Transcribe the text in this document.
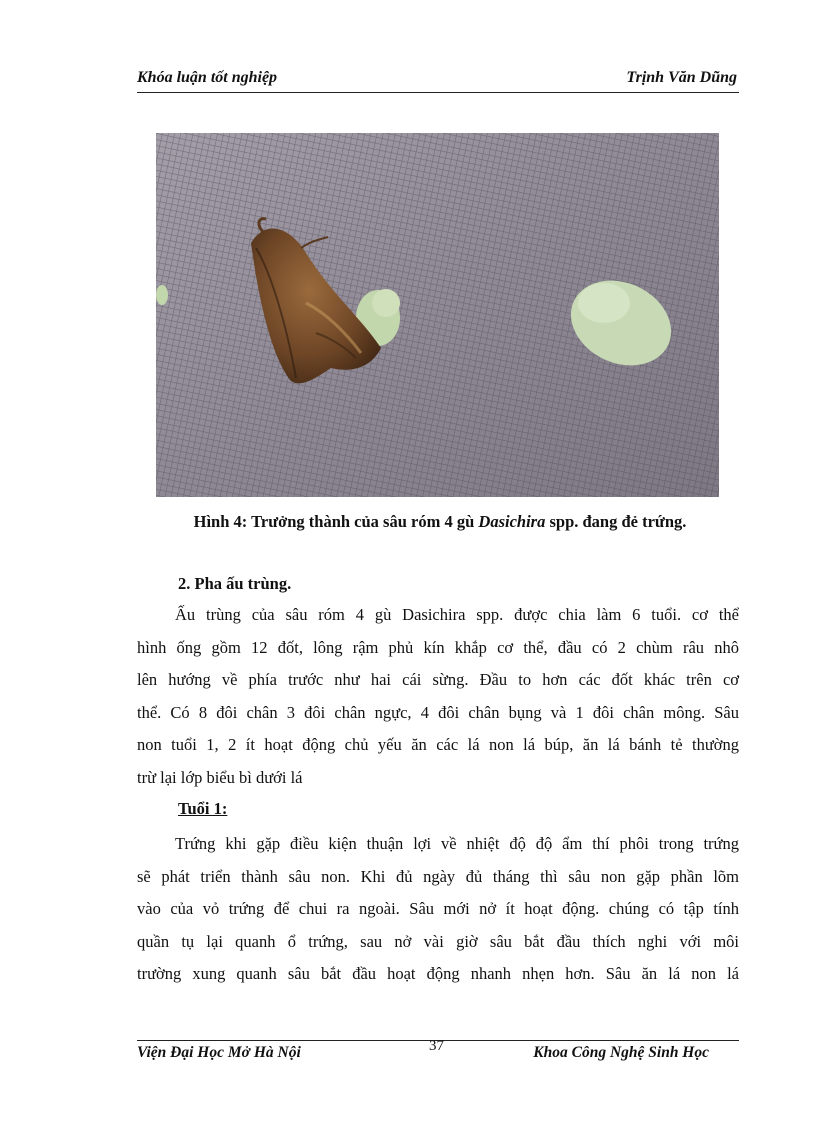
Khóa luận tốt nghiệp	Trịnh Văn Dũng
Hình 4: Trưởng thành của sâu róm 4 gù Dasichira spp. đang đẻ trứng.
2. Pha ấu trùng.
Ấu trùng của sâu róm 4 gù Dasichira spp. được chia làm 6 tuổi. cơ thể
hình ống gồm 12 đốt, lông rậm phủ kín khắp cơ thể, đầu có 2 chùm râu nhô
lên hướng về phía trước như hai cái sừng. Đầu to hơn các đốt khác trên cơ
thể. Có 8 đôi chân 3 đôi chân ngực, 4 đôi chân bụng và 1 đôi chân mông. Sâu
non tuổi 1, 2 ít hoạt động chủ yếu ăn các lá non lá búp, ăn lá bánh tẻ thường
trừ lại lớp biểu bì dưới lá
Tuổi 1:
Trứng khi gặp điều kiện thuận lợi về nhiệt độ độ ẩm thí phôi trong trứng
sẽ phát triển thành sâu non. Khi đủ ngày đủ tháng thì sâu non gặp phần lõm
vào của vỏ trứng để chui ra ngoài. Sâu mới nở ít hoạt động. chúng có tập tính
quần tụ lại quanh ổ trứng, sau nở vài giờ sâu bắt đầu thích nghi với môi
trường xung quanh sâu bắt đầu hoạt động nhanh nhẹn hơn. Sâu ăn lá non lá
Viện Đại Học Mở Hà Nội	37	Khoa Công Nghệ Sinh Học
